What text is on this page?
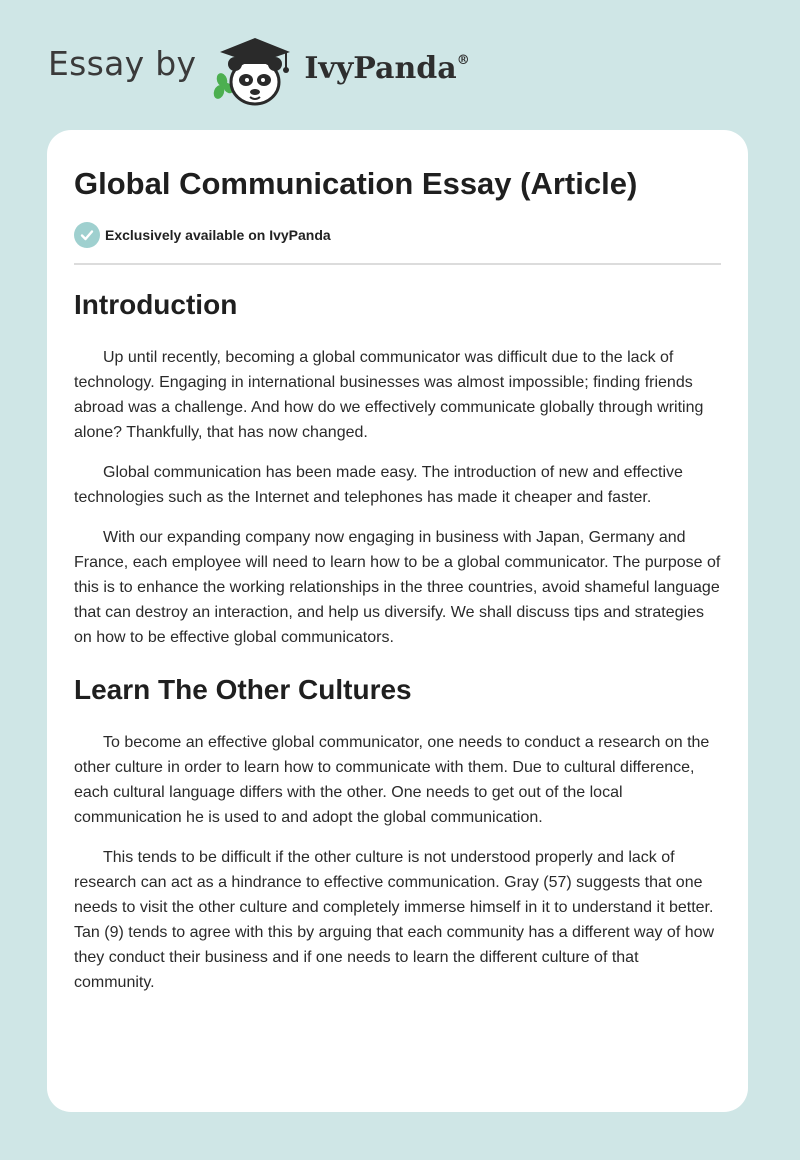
Essay by	IvyPanda®
Global Communication Essay (Article)
Exclusively available on IvyPanda
Introduction

Up until recently, becoming a global communicator was difficult due to the lack of technology. Engaging in international businesses was almost impossible; finding friends abroad was a challenge. And how do we effectively communicate globally through writing alone? Thankfully, that has now changed.

Global communication has been made easy. The introduction of new and effective technologies such as the Internet and telephones has made it cheaper and faster.

With our expanding company now engaging in business with Japan, Germany and France, each employee will need to learn how to be a global communicator. The purpose of this is to enhance the working relationships in the three countries, avoid shameful language that can destroy an interaction, and help us diversify. We shall discuss tips and strategies on how to be effective global communicators.

Learn The Other Cultures

To become an effective global communicator, one needs to conduct a research on the other culture in order to learn how to communicate with them. Due to cultural difference, each cultural language differs with the other. One needs to get out of the local communication he is used to and adopt the global communication.

This tends to be difficult if the other culture is not understood properly and lack of research can act as a hindrance to effective communication. Gray (57) suggests that one needs to visit the other culture and completely immerse himself in it to understand it better. Tan (9) tends to agree with this by arguing that each community has a different way of how they conduct their business and if one needs to learn the different culture of that community.
